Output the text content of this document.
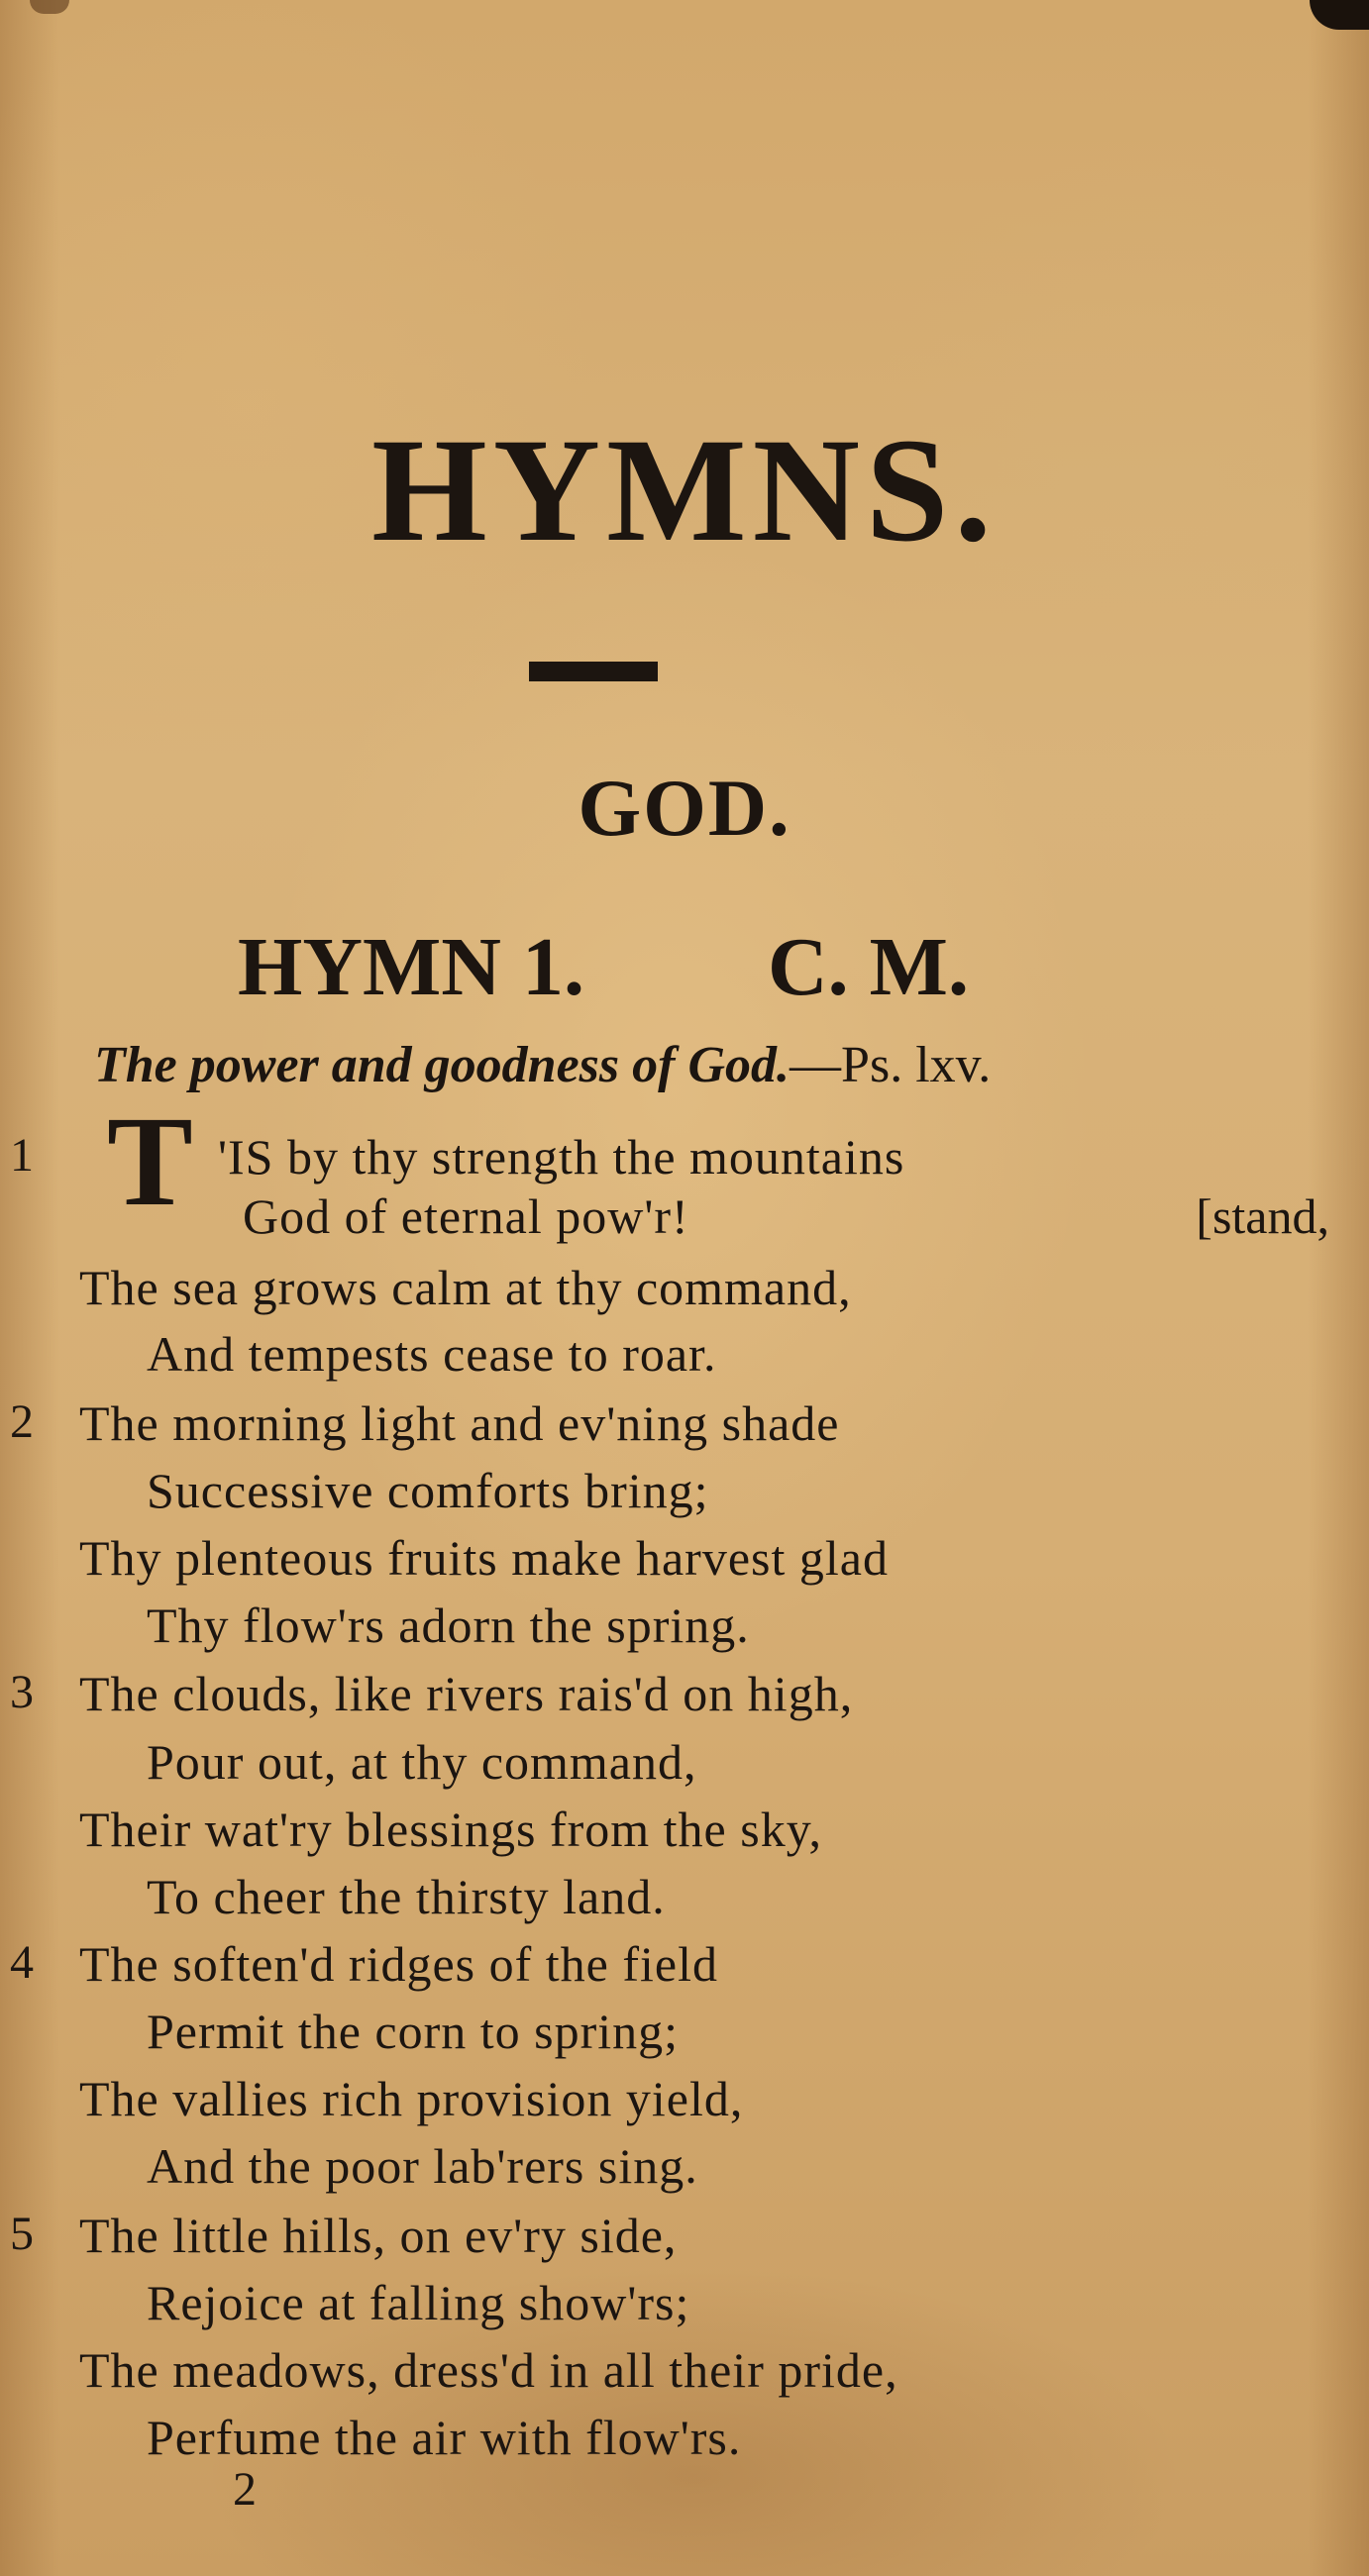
HYMNS.
GOD.
HYMN 1. C. M.
The power and goodness of God.—Ps. lxv.
1 T 'IS by thy strength the mountains
God of eternal pow'r!	[stand,
The sea grows calm at thy command,
And tempests cease to roar.
2 The morning light and ev'ning shade
Successive comforts bring;
Thy plenteous fruits make harvest glad
Thy flow'rs adorn the spring.
3 The clouds, like rivers rais'd on high,
Pour out, at thy command,
Their wat'ry blessings from the sky,
To cheer the thirsty land.
4 The soften'd ridges of the field
Permit the corn to spring;
The vallies rich provision yield,
And the poor lab'rers sing.
5 The little hills, on ev'ry side,
Rejoice at falling show'rs;
The meadows, dress'd in all their pride,
Perfume the air with flow'rs.
2
